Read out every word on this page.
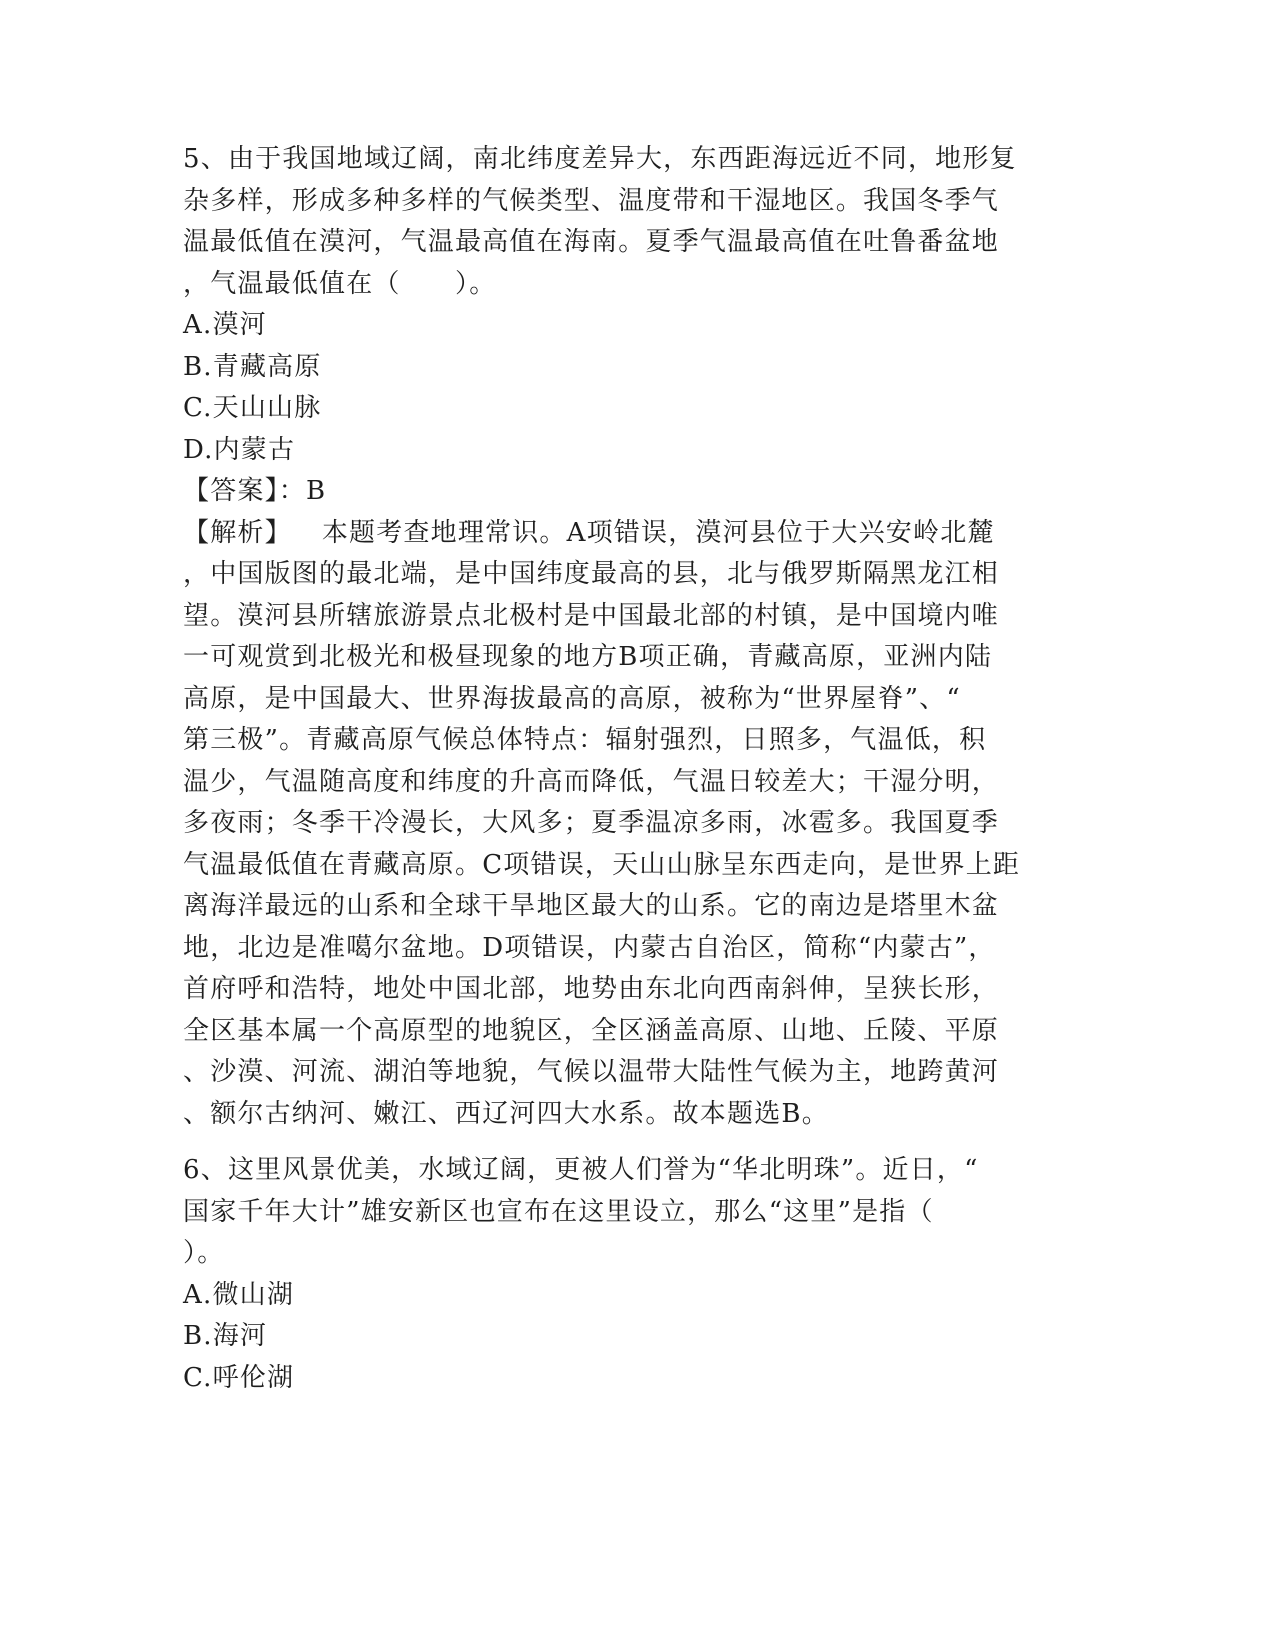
5、由于我国地域辽阔，南北纬度差异大，东西距海远近不同，地形复
杂多样，形成多种多样的气候类型、温度带和干湿地区。我国冬季气
温最低值在漠河，气温最高值在海南。夏季气温最高值在吐鲁番盆地
，气温最低值在（　　）。
A.漠河
B.青藏高原
C.天山山脉
D.内蒙古
【答案】：B
【解析】 本题考查地理常识。A项错误，漠河县位于大兴安岭北麓
，中国版图的最北端，是中国纬度最高的县，北与俄罗斯隔黑龙江相
望。漠河县所辖旅游景点北极村是中国最北部的村镇，是中国境内唯
一可观赏到北极光和极昼现象的地方B项正确，青藏高原，亚洲内陆
高原，是中国最大、世界海拔最高的高原，被称为“世界屋脊”、“
第三极”。青藏高原气候总体特点：辐射强烈，日照多，气温低，积
温少，气温随高度和纬度的升高而降低，气温日较差大；干湿分明，
多夜雨；冬季干冷漫长，大风多；夏季温凉多雨，冰雹多。我国夏季
气温最低值在青藏高原。C项错误，天山山脉呈东西走向，是世界上距
离海洋最远的山系和全球干旱地区最大的山系。它的南边是塔里木盆
地，北边是准噶尔盆地。D项错误，内蒙古自治区，简称“内蒙古”，
首府呼和浩特，地处中国北部，地势由东北向西南斜伸，呈狭长形，
全区基本属一个高原型的地貌区，全区涵盖高原、山地、丘陵、平原
、沙漠、河流、湖泊等地貌，气候以温带大陆性气候为主，地跨黄河
、额尔古纳河、嫩江、西辽河四大水系。故本题选B。
6、这里风景优美，水域辽阔，更被人们誉为“华北明珠”。近日，“
国家千年大计”雄安新区也宣布在这里设立，那么“这里”是指（
）。
A.微山湖
B.海河
C.呼伦湖
